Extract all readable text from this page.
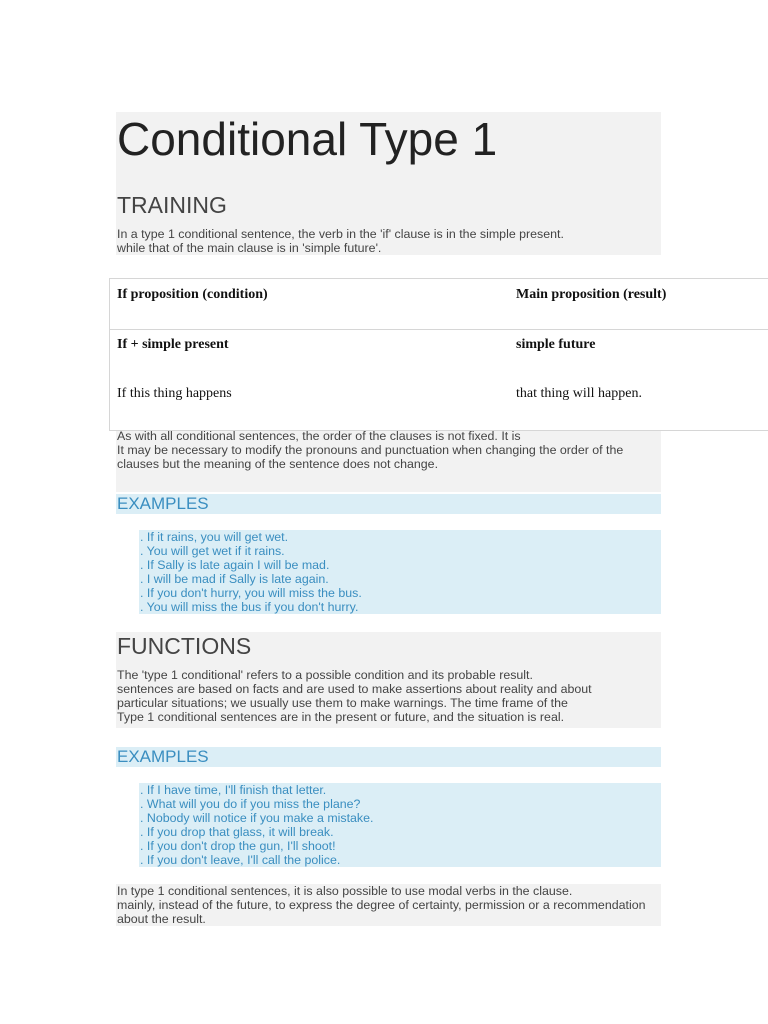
Conditional Type 1
TRAINING

In a type 1 conditional sentence, the verb in the 'if' clause is in the simple present.
while that of the main clause is in 'simple future'.

If proposition (condition)	Main proposition (result)
If + simple present	simple future
If this thing happens	that thing will happen.

As with all conditional sentences, the order of the clauses is not fixed. It is
It may be necessary to modify the pronouns and punctuation when changing the order of the
clauses but the meaning of the sentence does not change.

EXAMPLES
. If it rains, you will get wet.
. You will get wet if it rains.
. If Sally is late again I will be mad.
. I will be mad if Sally is late again.
. If you don't hurry, you will miss the bus.
. You will miss the bus if you don't hurry.
FUNCTIONS

The 'type 1 conditional' refers to a possible condition and its probable result.
sentences are based on facts and are used to make assertions about reality and about
particular situations; we usually use them to make warnings. The time frame of the
Type 1 conditional sentences are in the present or future, and the situation is real.

EXAMPLES
. If I have time, I'll finish that letter.
. What will you do if you miss the plane?
. Nobody will notice if you make a mistake.
. If you drop that glass, it will break.
. If you don't drop the gun, I'll shoot!
. If you don't leave, I'll call the police.

In type 1 conditional sentences, it is also possible to use modal verbs in the clause.
mainly, instead of the future, to express the degree of certainty, permission or a recommendation
about the result.
